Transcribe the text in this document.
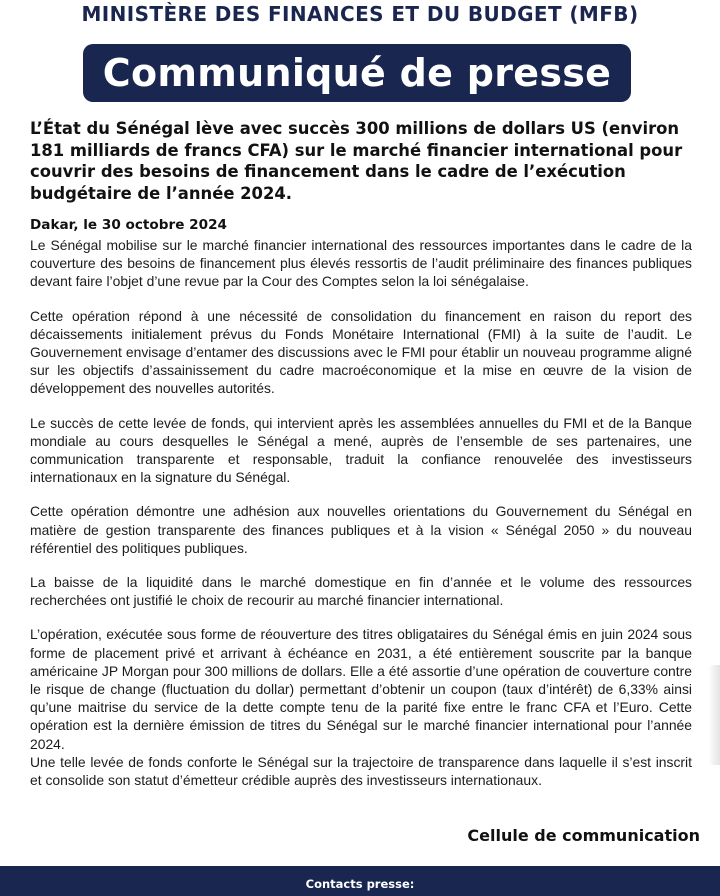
MINISTÈRE DES FINANCES ET DU BUDGET (MFB)
Communiqué de presse
L’État du Sénégal lève avec succès 300 millions de dollars US (environ 181 milliards de francs CFA) sur le marché financier international pour couvrir des besoins de financement dans le cadre de l’exécution budgétaire de l’année 2024.
Dakar, le 30 octobre 2024

Le Sénégal mobilise sur le marché financier international des ressources importantes dans le cadre de la couverture des besoins de financement plus élevés ressortis de l’audit préliminaire des finances publiques devant faire l’objet d’une revue par la Cour des Comptes selon la loi sénégalaise.

Cette opération répond à une nécessité de consolidation du financement en raison du report des décaissements initialement prévus du Fonds Monétaire International (FMI) à la suite de l’audit. Le Gouvernement envisage d’entamer des discussions avec le FMI pour établir un nouveau programme aligné sur les objectifs d’assainissement du cadre macroéconomique et la mise en œuvre de la vision de développement des nouvelles autorités.

Le succès de cette levée de fonds, qui intervient après les assemblées annuelles du FMI et de la Banque mondiale au cours desquelles le Sénégal a mené, auprès de l’ensemble de ses partenaires, une communication transparente et responsable, traduit la confiance renouvelée des investisseurs internationaux en la signature du Sénégal.

Cette opération démontre une adhésion aux nouvelles orientations du Gouvernement du Sénégal en matière de gestion transparente des finances publiques et à la vision « Sénégal 2050 » du nouveau référentiel des politiques publiques.

La baisse de la liquidité dans le marché domestique en fin d’année et le volume des ressources recherchées ont justifié le choix de recourir au marché financier international.

L’opération, exécutée sous forme de réouverture des titres obligataires du Sénégal émis en juin 2024 sous forme de placement privé et arrivant à échéance en 2031, a été entièrement souscrite par la banque américaine JP Morgan pour 300 millions de dollars. Elle a été assortie d’une opération de couverture contre le risque de change (fluctuation du dollar) permettant d’obtenir un coupon (taux d’intérêt) de 6,33% ainsi qu’une maitrise du service de la dette compte tenu de la parité fixe entre le franc CFA et l’Euro. Cette opération est la dernière émission de titres du Sénégal sur le marché financier international pour l’année 2024.

Une telle levée de fonds conforte le Sénégal sur la trajectoire de transparence dans laquelle il s’est inscrit et consolide son statut d’émetteur crédible auprès des investisseurs internationaux.

Cellule de communication
Contacts presse:
